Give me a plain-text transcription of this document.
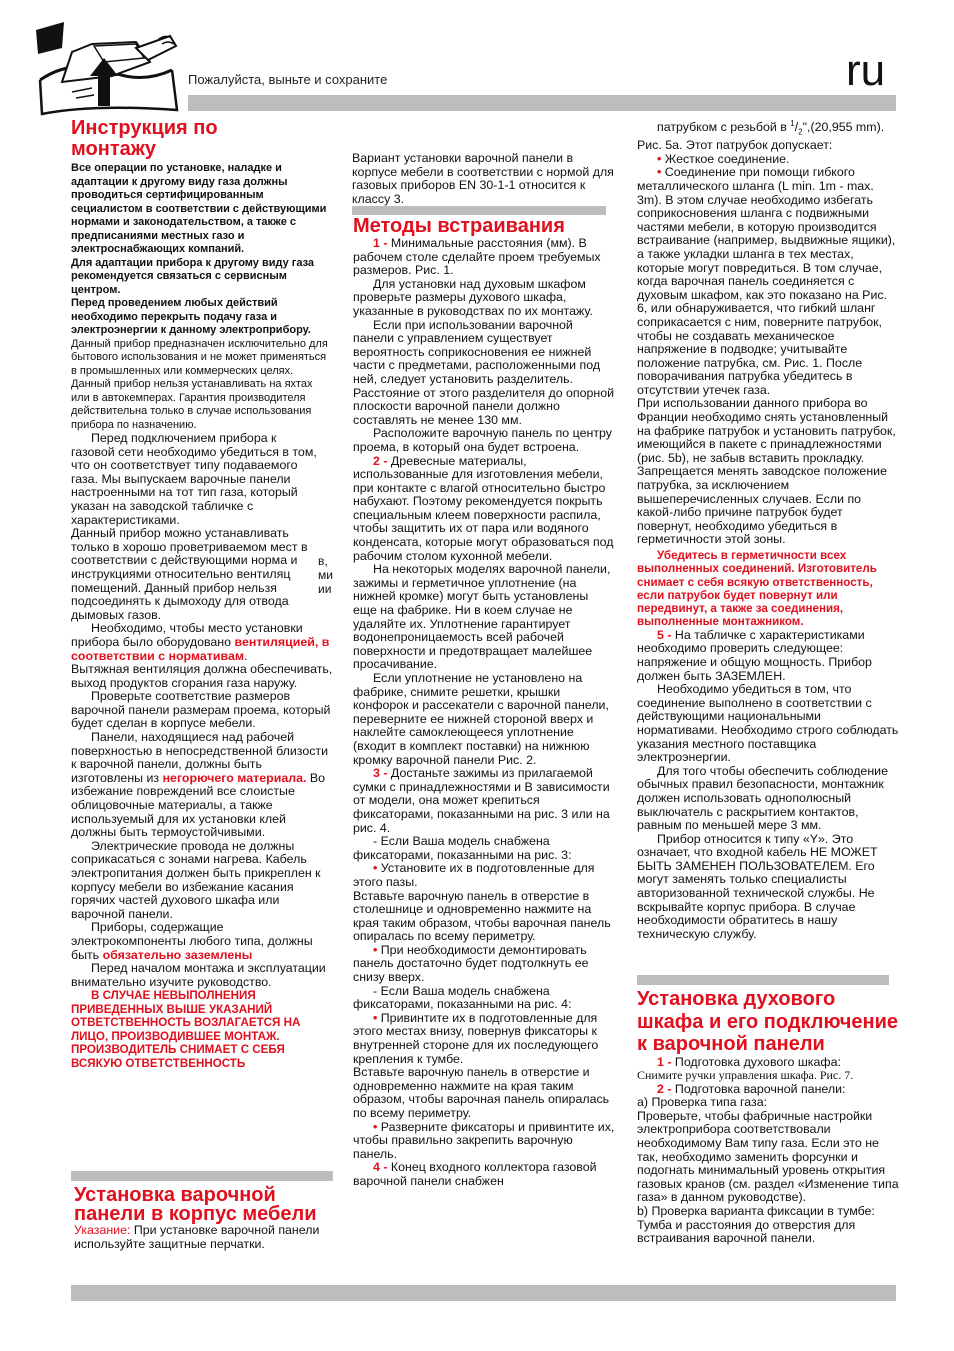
Пожалуйста, выньте и сохраните	ru

Инструкция по монтажу

Все операции по установке, наладке и адаптации к другому виду газа должны проводиться сертифицированным сециалистом в соответствии с действующими нормами и законодательством, а также с предписаниями местных газо и электроснабжающих компаний.

Для адаптации прибора к другому виду газа рекомендуется связаться с сервисным центром.

Перед проведением любых действий необходимо перекрыть подачу газа и электроэнергии к данному электроприбору.

Данный прибор предназначен исключительно для бытового использования и не может применяться в промышленных или коммерческих целях. Данный прибор нельзя устанавливать на яхтах или в автокемперах. Гарантия производителя действительна только в случае использования прибора по назначению.

Перед подключением прибора к газовой сети необходимо убедиться в том, что он соответствует типу подаваемого газа. Мы выпускаем варочные панели настроенными на тот тип газа, который указан на заводской табличке с характеристиками.

Данный прибор можно устанавливать только в хорошо проветриваемом мест в соответствии с действующими норма и инструкциями относительно вентиляц помещений. Данный прибор нельзя подсоединять к дымоходу для отвода дымовых газов.

Необходимо, чтобы место установки прибора было оборудовано вентиляцией, в соответствии с нормативам.

Вытяжная вентиляция должна обеспечивать, выход продуктов сгорания газа наружу.

Проверьте соответствие размеров варочной панели размерам проема, который будет сделан в корпусе мебели.

Панели, находящиеся над рабочей поверхностью в непосредственной близости к варочной панели, должны быть изготовлены из негорючего материала. Во избежание повреждений все слоистые облицовочные материалы, а также используемый для их установки клей должны быть термоустойчивыми.

Электрические провода не должны соприкасаться с зонами нагрева. Кабель электропитания должен быть прикреплен к корпусу мебели во избежание касания горячих частей духового шкафа или варочной панели.

Приборы, содержащие электрокомпоненты любого типа, должны быть обязательно заземлены

Перед началом монтажа и эксплуатации внимательно изучите руководство.

В СЛУЧАЕ НЕВЫПОЛНЕНИЯ ПРИВЕДЕННЫХ ВЫШЕ УКАЗАНИЙ ОТВЕТСТВЕННОСТЬ ВОЗЛАГАЕТСЯ НА ЛИЦО, ПРОИЗВОДИВШЕЕ МОНТАЖ. ПРОИЗВОДИТЕЛЬ СНИМАЕТ С СЕБЯ ВСЯКУЮ ОТВЕТСТВЕННОСТЬ

в,
ми
ии

Установка варочной панели в корпус мебели

Указание: При установке варочной панели используйте защитные перчатки.

Вариант установки варочной панели в корпусе мебели в соответствии с нормой для газовых приборов EN 30-1-1 относится к классу 3.

Методы встраивания

1 - Минимальные расстояния (мм). В рабочем столе сделайте проем требуемых размеров. Рис. 1.

Для установки над духовым шкафом проверьте размеры духового шкафа, указанные в руководствах по их монтажу.

Если при использовании варочной панели с управлением существует вероятность соприкосновения ее нижней части с предметами, расположенными под ней, следует установить разделитель. Расстояние от этого разделителя до опорной плоскости варочной панели должно составлять не менее 130 мм.

Расположите варочную панель по центру проема, в который она будет встроена.

2 - Древесные материалы, использованные для изготовления мебели, при контакте с влагой относительно быстро набухают. Поэтому рекомендуется покрыть специальным клеем поверхности распила, чтобы защитить их от пара или водяного конденсата, которые могут образоваться под рабочим столом кухонной мебели.

На некоторых моделях варочной панели, зажимы и герметичное уплотнение (на нижней кромке) могут быть установлены еще на фабрике. Ни в коем случае не удаляйте их. Уплотнение гарантирует водонепроницаемость всей рабочей поверхности и предотвращает малейшее просачивание.

Если уплотнение не установлено на фабрике, снимите решетки, крышки конфорок и рассекатели с варочной панели, переверните ее нижней стороной вверх и наклейте самоклеющееся уплотнение (входит в комплект поставки) на нижнюю кромку варочной панели Рис. 2.

3 - Достаньте зажимы из прилагаемой сумки с принадлежностями и В зависимости от модели, она может крепиться фиксаторами, показанными на рис. 3 или на рис. 4.

- Если Ваша модель снабжена фиксаторами, показанными на рис. 3:

• Установите их в подготовленные для этого пазы.

Вставьте варочную панель в отверстие в столешнице и одновременно нажмите на края таким образом, чтобы варочная панель опиралась по всему периметру.

• При необходимости демонтировать панель достаточно будет подтолкнуть ее снизу вверх.

- Если Ваша модель снабжена фиксаторами, показанными на рис. 4:

• Привинтите их в подготовленные для этого местах внизу, повернув фиксаторы к внутренней стороне для их последующего крепления к тумбе.

Вставьте варочную панель в отверстие и одновременно нажмите на края таким образом, чтобы варочная панель опиралась по всему периметру.

• Разверните фиксаторы и привинтите их, чтобы правильно закрепить варочную панель.

4 - Конец входного коллектора газовой варочной панели снабжен

патрубком с резьбой в $^1/_2",(20,955$ mm). Рис. 5а. Этот патрубок допускает:

• Жесткое соединение.

• Соединение при помощи гибкого металлического шланга (L min. 1m - max. 3m). В этом случае необходимо избегать соприкосновения шланга с подвижными частями мебели, в которую производится встраивание (например, выдвижные ящики), а также укладки шланга в тех местах, которые могут повредиться. В том случае, когда варочная панель соединяется с духовым шкафом, как это показано на Рис. 6, или обнаруживается, что гибкий шланг соприкасается с ним, поверните патрубок, чтобы не создавать механическое напряжение в подводке; учитывайте положение патрубка, см. Рис. 1. После поворачивания патрубка убедитесь в отсутствии утечек газа.

При использовании данного прибора во Франции необходимо снять установленный на фабрике патрубок и установить патрубок, имеющийся в пакете с принадлежностями (рис. 5b), не забыв вставить прокладку. Запрещается менять заводское положение патрубка, за исключением вышеперечисленных случаев. Если по какой-либо причине патрубок будет повернут, необходимо убедиться в герметичности этой зоны.

Убедитесь в герметичности всех выполненных соединений. Изготовитель снимает с себя всякую ответственность, если патрубок будет повернут или передвинут, а также за соединения, выполненные монтажником.

5 - На табличке с характеристиками необходимо проверить следующее: напряжение и общую мощность. Прибор должен быть ЗАЗЕМЛЕН.

Необходимо убедиться в том, что соединение выполнено в соответствии с действующими национальными нормативами. Необходимо строго соблюдать указания местного поставщика электроэнергии.

Для того чтобы обеспечить соблюдение обычных правил безопасности, монтажник должен использовать однополюсный выключатель с раскрытием контактов, равным по меньшей мере 3 мм.

Прибор относится к типу «Y». Это означает, что входной кабель НЕ МОЖЕТ БЫТЬ ЗАМЕНЕН ПОЛЬЗОВАТЕЛЕМ. Его могут заменять только специалисты авторизованной технической службы. Не вскрывайте корпус прибора. В случае необходимости обратитесь в нашу техническую службу.

Установка духового шкафа и его подключение к варочной панели

1 - Подготовка духового шкафа:

Снимите ручки управления шкафа. Рис. 7.

2 - Подготовка варочной панели:

a) Проверка типа газа:

Проверьте, чтобы фабричные настройки электроприбора соответствовали необходимому Вам типу газа. Если это не так, необходимо заменить форсунки и подогнать минимальный уровень открытия газовых кранов (см. раздел «Изменение типа газа» в данном руководстве).

b) Проверка варианта фиксации в тумбе: Тумба и расстояния до отверстия для встраивания варочной панели.
